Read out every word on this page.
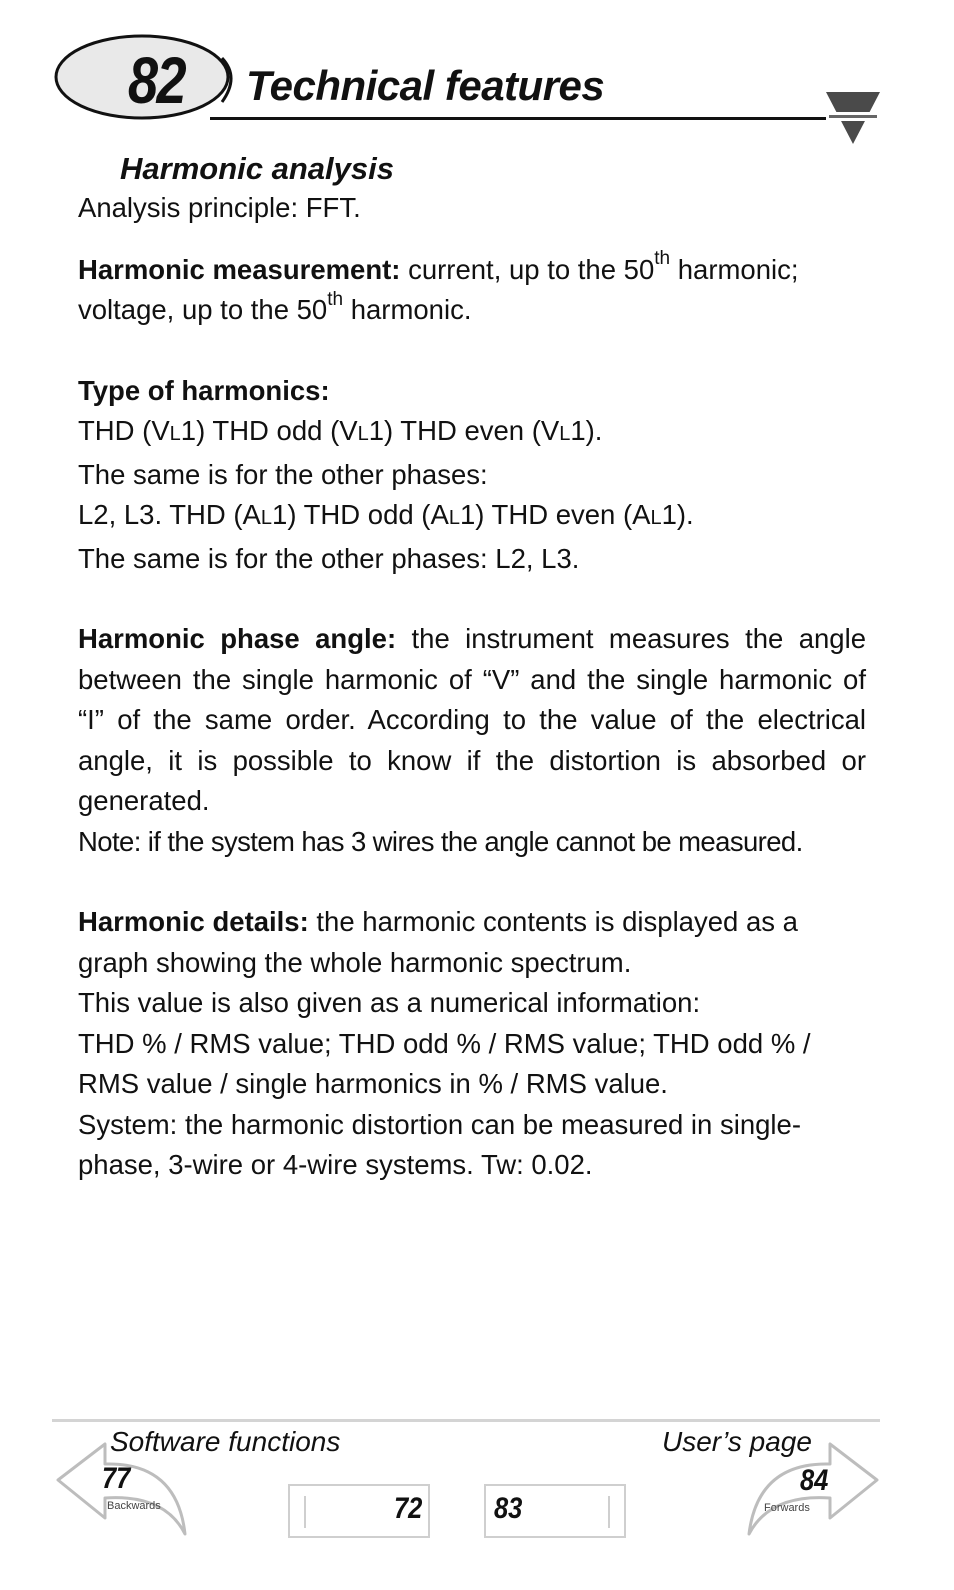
82 Technical features
Harmonic analysis

Analysis principle: FFT.

Harmonic measurement: current, up to the 50th harmonic; voltage, up to the 50th harmonic.

Type of harmonics:

THD (VL1) THD odd (VL1) THD even (VL1).

The same is for the other phases:

L2, L3. THD (AL1) THD odd (AL1) THD even (AL1).

The same is for the other phases: L2, L3.

Harmonic phase angle: the instrument measures the angle between the single harmonic of “V” and the single harmonic of “I” of the same order. According to the value of the electrical angle, it is possible to know if the distortion is absorbed or generated.

Note: if the system has 3 wires the angle cannot be measured.

Harmonic details: the harmonic contents is displayed as a graph showing the whole harmonic spectrum.

This value is also given as a numerical information:

THD % / RMS value; THD odd % / RMS value; THD odd % / RMS value / single harmonics in % / RMS value.

System: the harmonic distortion can be measured in single-phase, 3-wire or 4-wire systems. Tw: 0.02.

Software functions	User’s page
77
Backwards
84
Forwards
72 83
